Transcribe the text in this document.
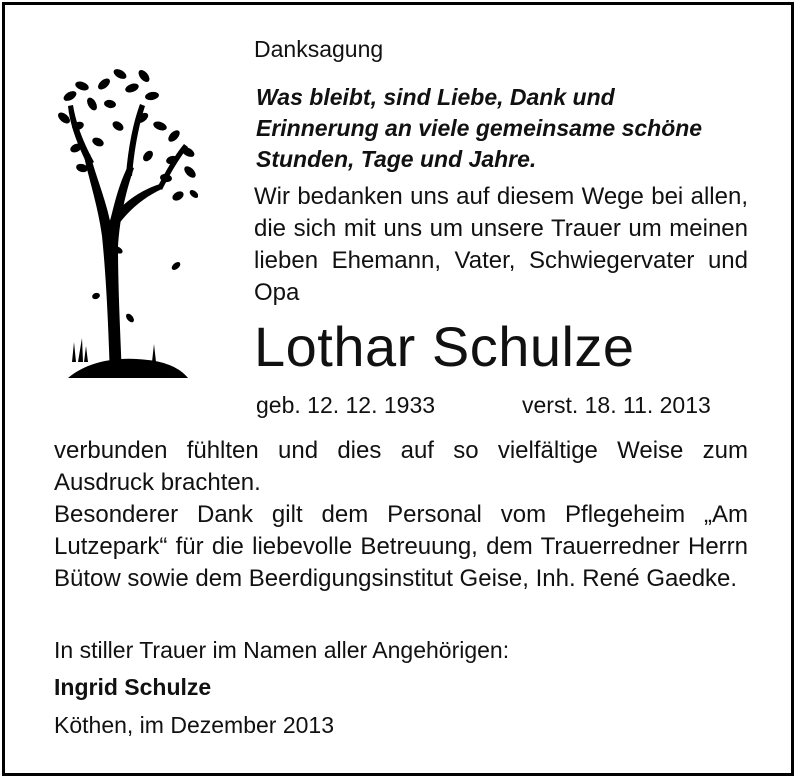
Danksagung
Was bleibt, sind Liebe, Dank und
Erinnerung an viele gemeinsame schöne
Stunden, Tage und Jahre.
Wir bedanken uns auf diesem Wege bei allen, die sich mit uns um unsere Trauer um meinen lieben Ehemann, Vater, Schwiegervater und Opa
Lothar Schulze
geb. 12. 12. 1933	verst. 18. 11. 2013
verbunden fühlten und dies auf so vielfältige Weise zum Ausdruck brachten.
Besonderer Dank gilt dem Personal vom Pflegeheim „Am Lutzepark“ für die liebevolle Betreuung, dem Trauerredner Herrn Bütow sowie dem Beerdigungsinstitut Geise, Inh. René Gaedke.
In stiller Trauer im Namen aller Angehörigen:
Ingrid Schulze
Köthen, im Dezember 2013
